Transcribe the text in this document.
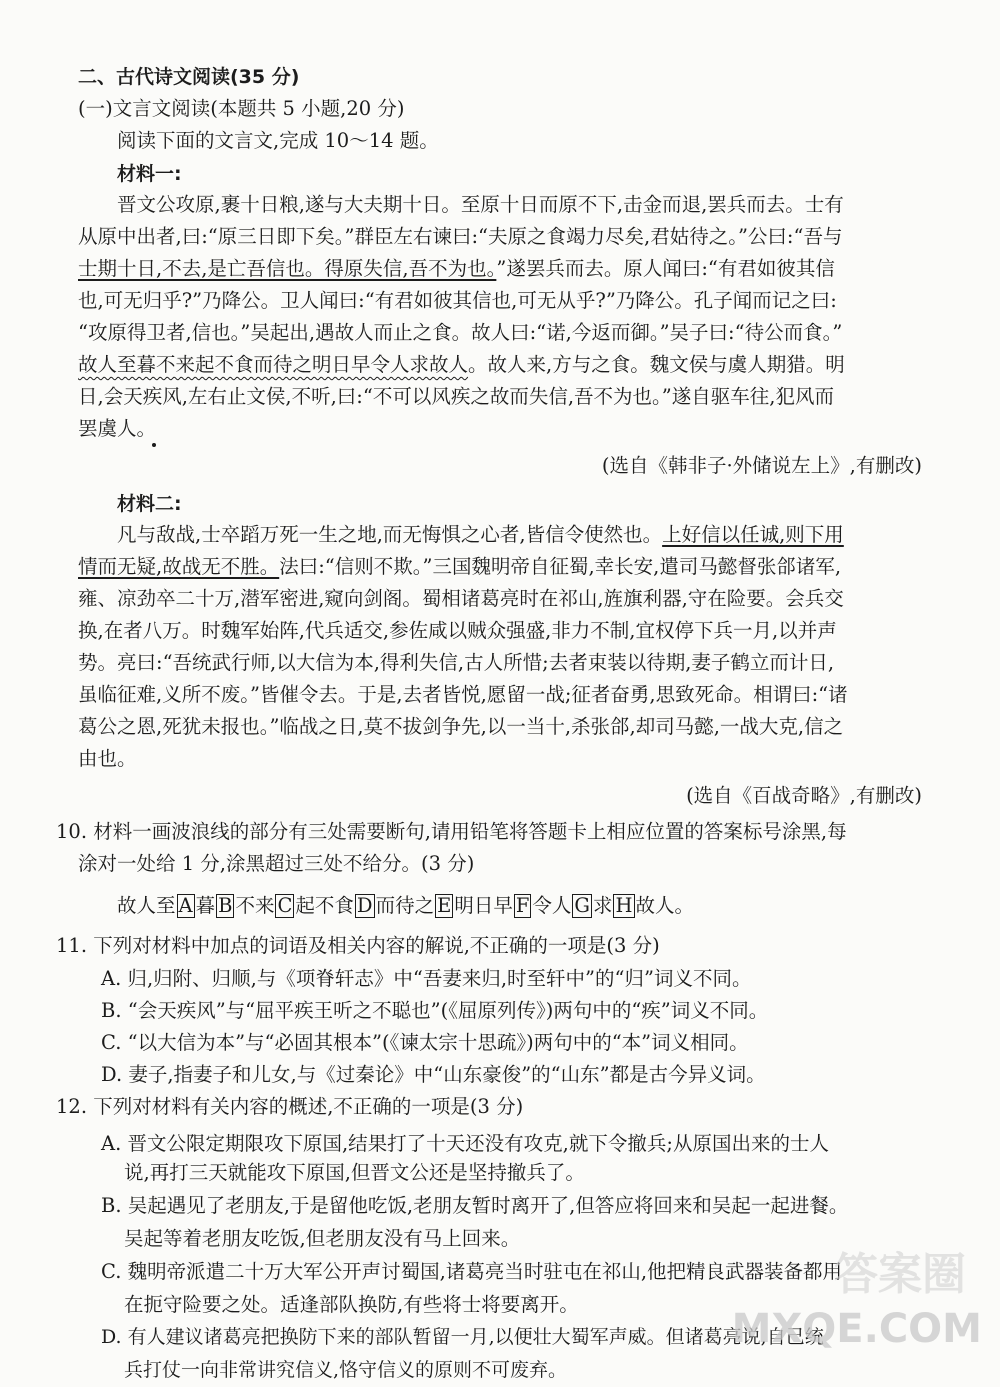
二、古代诗文阅读(35 分)
(一)文言文阅读(本题共 5 小题,20 分)
阅读下面的文言文,完成 10～14 题。
材料一:
晋文公攻原,裹十日粮,遂与大夫期十日。至原十日而原不下,击金而退,罢兵而去。士有
从原中出者,曰:“原三日即下矣。”群臣左右谏曰:“夫原之食竭力尽矣,君姑待之。”公曰:“吾与
士期十日,不去,是亡吾信也。得原失信,吾不为也。”遂罢兵而去。原人闻曰:“有君如彼其信
也,可无归乎?”乃降公。卫人闻曰:“有君如彼其信也,可无从乎?”乃降公。孔子闻而记之曰:
“攻原得卫者,信也。”吴起出,遇故人而止之食。故人曰:“诺,今返而御。”吴子曰:“待公而食。”
故人至暮不来起不食而待之明日早令人求故人。故人来,方与之食。魏文侯与虞人期猎。明
日,会天疾风,左右止文侯,不听,曰:“不可以风疾之故而失信,吾不为也。”遂自驱车往,犯风而
罢虞人。
(选自《韩非子·外储说左上》,有删改)
材料二:
凡与敌战,士卒蹈万死一生之地,而无悔惧之心者,皆信令使然也。上好信以任诚,则下用
情而无疑,故战无不胜。法曰:“信则不欺。”三国魏明帝自征蜀,幸长安,遣司马懿督张郃诸军,
雍、凉劲卒二十万,潜军密进,窥向剑阁。蜀相诸葛亮时在祁山,旌旗利器,守在险要。会兵交
换,在者八万。时魏军始阵,代兵适交,参佐咸以贼众强盛,非力不制,宜权停下兵一月,以并声
势。亮曰:“吾统武行师,以大信为本,得利失信,古人所惜;去者束装以待期,妻子鹤立而计日,
虽临征难,义所不废。”皆催令去。于是,去者皆悦,愿留一战;征者奋勇,思致死命。相谓曰:“诸
葛公之恩,死犹未报也。”临战之日,莫不拔剑争先,以一当十,杀张郃,却司马懿,一战大克,信之
由也。
(选自《百战奇略》,有删改)
10. 材料一画波浪线的部分有三处需要断句,请用铅笔将答题卡上相应位置的答案标号涂黑,每
涂对一处给 1 分,涂黑超过三处不给分。(3 分)
故人至 A 暮 B 不来 C 起不食 D 而待之 E 明日早 F 令人 G 求 H 故人。
11. 下列对材料中加点的词语及相关内容的解说,不正确的一项是(3 分)
A. 归,归附、归顺,与《项脊轩志》中“吾妻来归,时至轩中”的“归”词义不同。
B. “会天疾风”与“屈平疾王听之不聪也”(《屈原列传》)两句中的“疾”词义不同。
C. “以大信为本”与“必固其根本”(《谏太宗十思疏》)两句中的“本”词义相同。
D. 妻子,指妻子和儿女,与《过秦论》中“山东豪俊”的“山东”都是古今异义词。
12. 下列对材料有关内容的概述,不正确的一项是(3 分)
A. 晋文公限定期限攻下原国,结果打了十天还没有攻克,就下令撤兵;从原国出来的士人
说,再打三天就能攻下原国,但晋文公还是坚持撤兵了。
B. 吴起遇见了老朋友,于是留他吃饭,老朋友暂时离开了,但答应将回来和吴起一起进餐。
吴起等着老朋友吃饭,但老朋友没有马上回来。
C. 魏明帝派遣二十万大军公开声讨蜀国,诸葛亮当时驻屯在祁山,他把精良武器装备都用
在扼守险要之处。适逢部队换防,有些将士将要离开。
D. 有人建议诸葛亮把换防下来的部队暂留一月,以便壮大蜀军声威。但诸葛亮说,自己统
兵打仗一向非常讲究信义,恪守信义的原则不可废弃。
答案圈
MXQE.COM
